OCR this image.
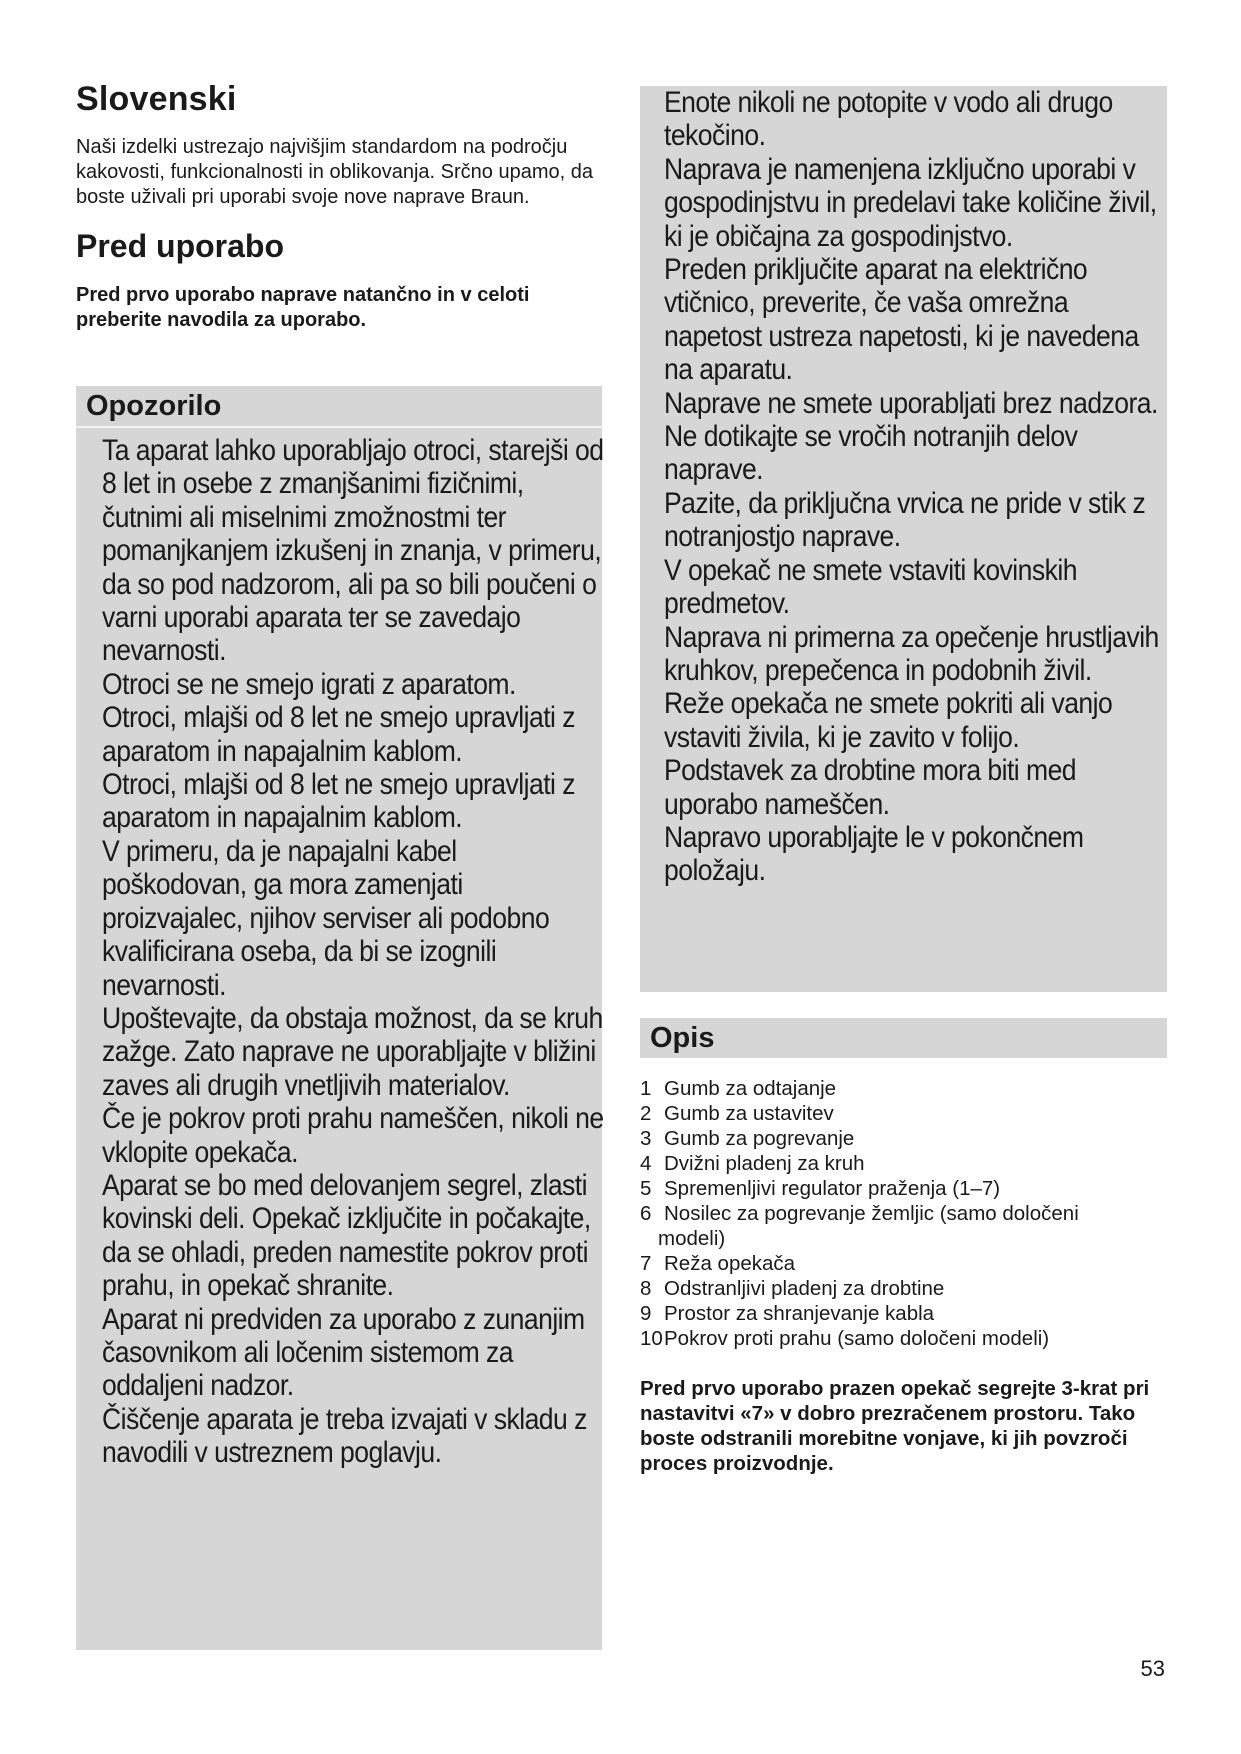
Slovenski

Naši izdelki ustrezajo najvišjim standardom na področju kakovosti, funkcionalnosti in oblikovanja. Srčno upamo, da boste uživali pri uporabi svoje nove naprave Braun.

Pred uporabo

Pred prvo uporabo naprave natančno in v celoti preberite navodila za uporabo.

Opozorilo
Ta aparat lahko uporabljajo otroci, starejši od 8 let in osebe z zmanjšanimi fizičnimi, čutnimi ali miselnimi zmožnostmi ter pomanjkanjem izkušenj in znanja, v primeru, da so pod nadzorom, ali pa so bili poučeni o varni uporabi aparata ter se zavedajo nevarnosti.
Otroci se ne smejo igrati z aparatom.
Otroci, mlajši od 8 let ne smejo upravljati z aparatom in napajalnim kablom.
Otroci, mlajši od 8 let ne smejo upravljati z aparatom in napajalnim kablom.
V primeru, da je napajalni kabel poškodovan, ga mora zamenjati proizvajalec, njihov serviser ali podobno kvalificirana oseba, da bi se izognili nevarnosti.
Upoštevajte, da obstaja možnost, da se kruh zažge. Zato naprave ne uporabljajte v bližini zaves ali drugih vnetljivih materialov.
Če je pokrov proti prahu nameščen, nikoli ne vklopite opekača.
Aparat se bo med delovanjem segrel, zlasti kovinski deli. Opekač izključite in počakajte, da se ohladi, preden namestite pokrov proti prahu, in opekač shranite.
Aparat ni predviden za uporabo z zunanjim časovnikom ali ločenim sistemom za oddaljeni nadzor.
Čiščenje aparata je treba izvajati v skladu z navodili v ustreznem poglavju.
Enote nikoli ne potopite v vodo ali drugo tekočino.
Naprava je namenjena izključno uporabi v gospodinjstvu in predelavi take količine živil, ki je običajna za gospodinjstvo.
Preden priključite aparat na električno vtičnico, preverite, če vaša omrežna napetost ustreza napetosti, ki je navedena na aparatu.
Naprave ne smete uporabljati brez nadzora.
Ne dotikajte se vročih notranjih delov naprave.
Pazite, da priključna vrvica ne pride v stik z notranjostjo naprave.
V opekač ne smete vstaviti kovinskih predmetov.
Naprava ni primerna za opečenje hrustljavih kruhkov, prepečenca in podobnih živil.
Reže opekača ne smete pokriti ali vanjo vstaviti živila, ki je zavito v folijo.
Podstavek za drobtine mora biti med uporabo nameščen.
Napravo uporabljajte le v pokončnem položaju.
Opis
1 Gumb za odtajanje
2 Gumb za ustavitev
3 Gumb za pogrevanje
4 Dvižni pladenj za kruh
5 Spremenljivi regulator praženja (1–7)
6 Nosilec za pogrevanje žemljic (samo določeni
modeli)
7 Reža opekača
8 Odstranljivi pladenj za drobtine
9 Prostor za shranjevanje kabla
10Pokrov proti prahu (samo določeni modeli)

Pred prvo uporabo prazen opekač segrejte 3-krat pri nastavitvi «7» v dobro prezračenem prostoru. Tako boste odstranili morebitne vonjave, ki jih povzroči proces proizvodnje.

53
